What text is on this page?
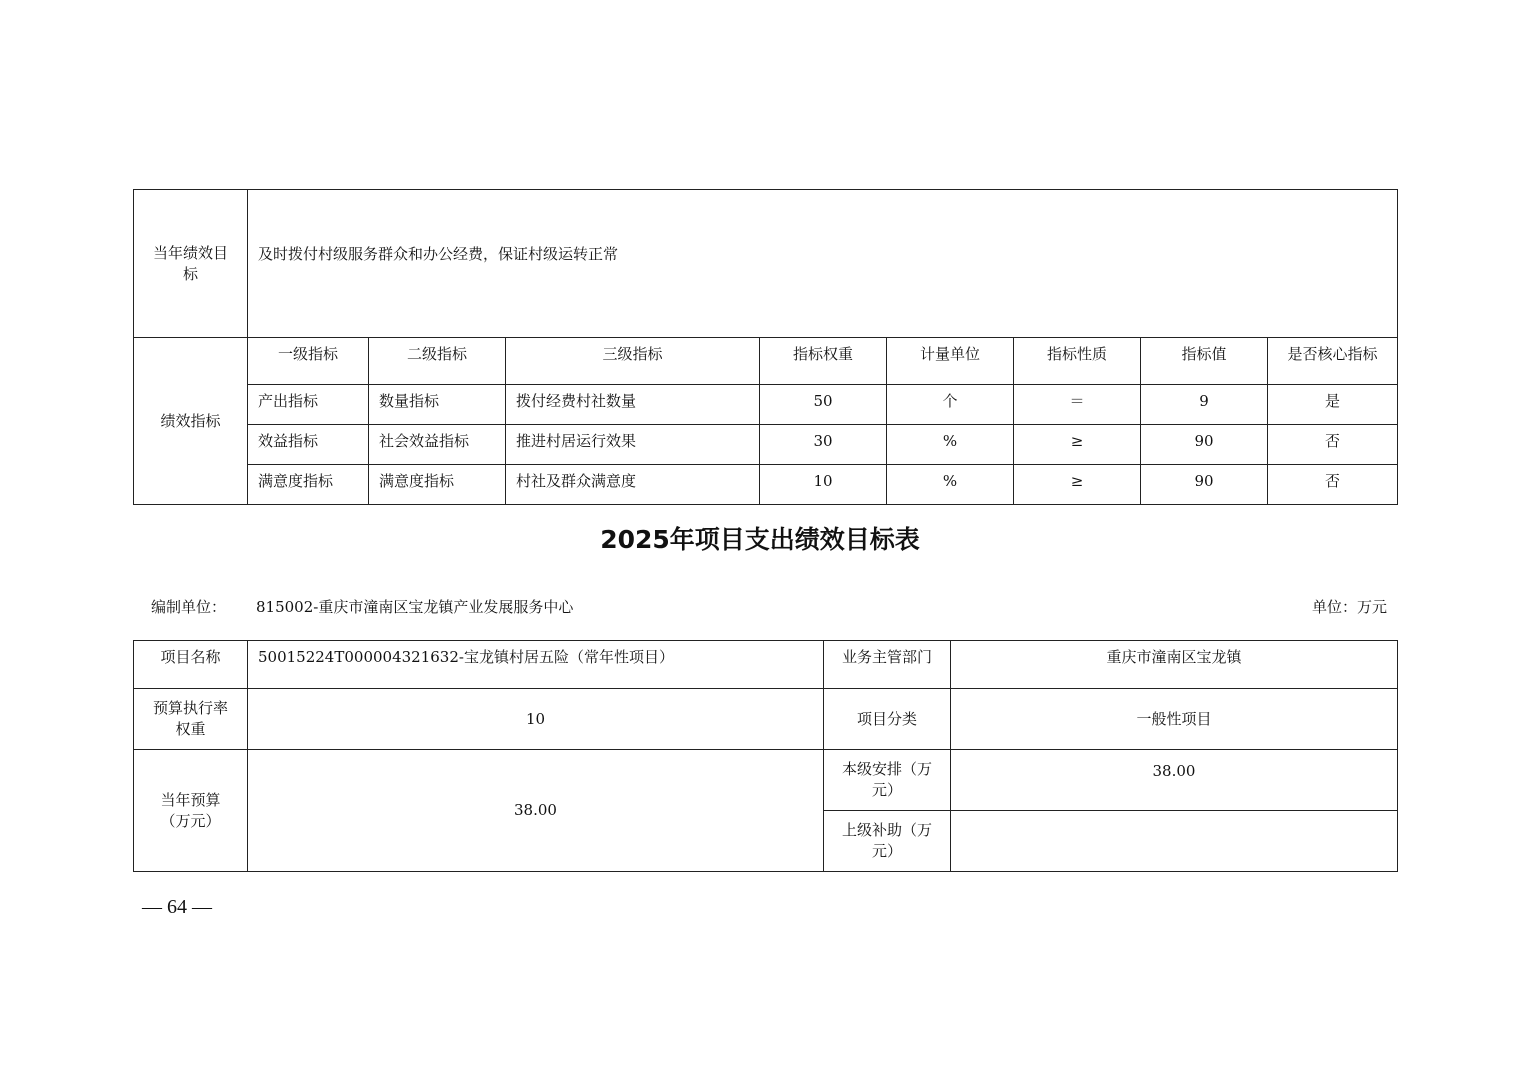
当年绩效目标	及时拨付村级服务群众和办公经费，保证村级运转正常							
绩效指标	一级指标	二级指标	三级指标	指标权重	计量单位	指标性质	指标值	是否核心指标
	产出指标	数量指标	拨付经费村社数量	50	个	＝	9	是
	效益指标	社会效益指标	推进村居运行效果	30	%	≥	90	否
	满意度指标	满意度指标	村社及群众满意度	10	%	≥	90	否
2025年项目支出绩效目标表
编制单位： 815002-重庆市潼南区宝龙镇产业发展服务中心	单位：万元
项目名称	50015224T000004321632-宝龙镇村居五险（常年性项目）	业务主管部门	重庆市潼南区宝龙镇

预算执行率权重	10	项目分类	一般性项目

当年预算（万元）	38.00	本级安排（万元）	38.00

		上级补助（万元）	

— 64 —
